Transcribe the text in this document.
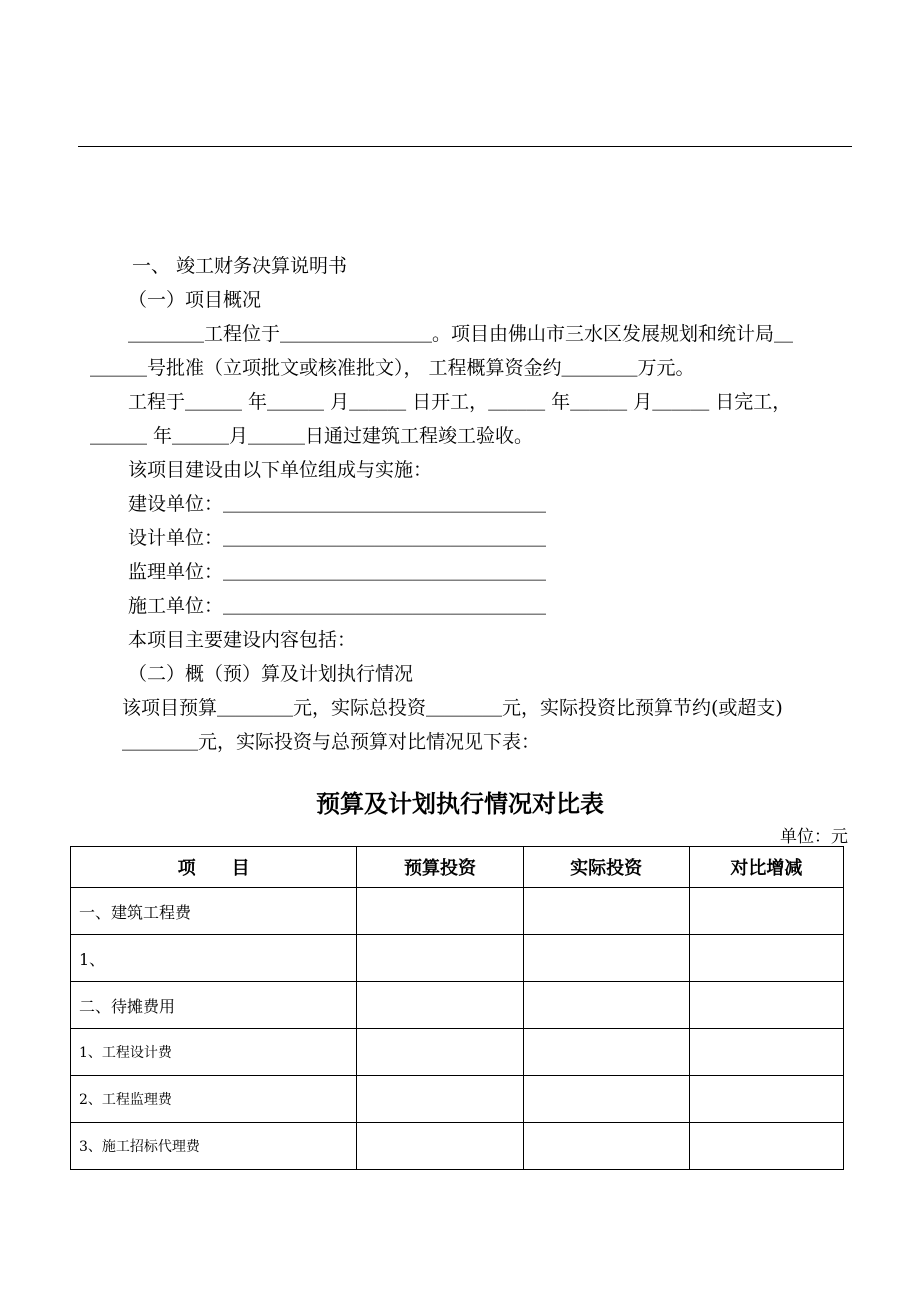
一、 竣工财务决算说明书
（一）项目概况
＿＿＿＿工程位于＿＿＿＿＿＿＿＿。项目由佛山市三水区发展规划和统计局＿
＿＿＿号批准（立项批文或核准批文）， 工程概算资金约＿＿＿＿万元。
工程于＿＿＿ 年＿＿＿ 月＿＿＿ 日开工，＿＿＿ 年＿＿＿ 月＿＿＿ 日完工，
＿＿＿ 年＿＿＿月＿＿＿日通过建筑工程竣工验收。
该项目建设由以下单位组成与实施：
建设单位：＿＿＿＿＿＿＿＿＿＿＿＿＿＿＿＿＿
设计单位：＿＿＿＿＿＿＿＿＿＿＿＿＿＿＿＿＿
监理单位：＿＿＿＿＿＿＿＿＿＿＿＿＿＿＿＿＿
施工单位：＿＿＿＿＿＿＿＿＿＿＿＿＿＿＿＿＿
本项目主要建设内容包括：
（二）概（预）算及计划执行情况
该项目预算＿＿＿＿元，实际总投资＿＿＿＿元，实际投资比预算节约(或超支)
＿＿＿＿元，实际投资与总预算对比情况见下表：
预算及计划执行情况对比表
单位：元
项　　目	预算投资	实际投资	对比增减
一、建筑工程费			
1、			
二、待摊费用			
1、工程设计费			
2、工程监理费			
3、施工招标代理费			
